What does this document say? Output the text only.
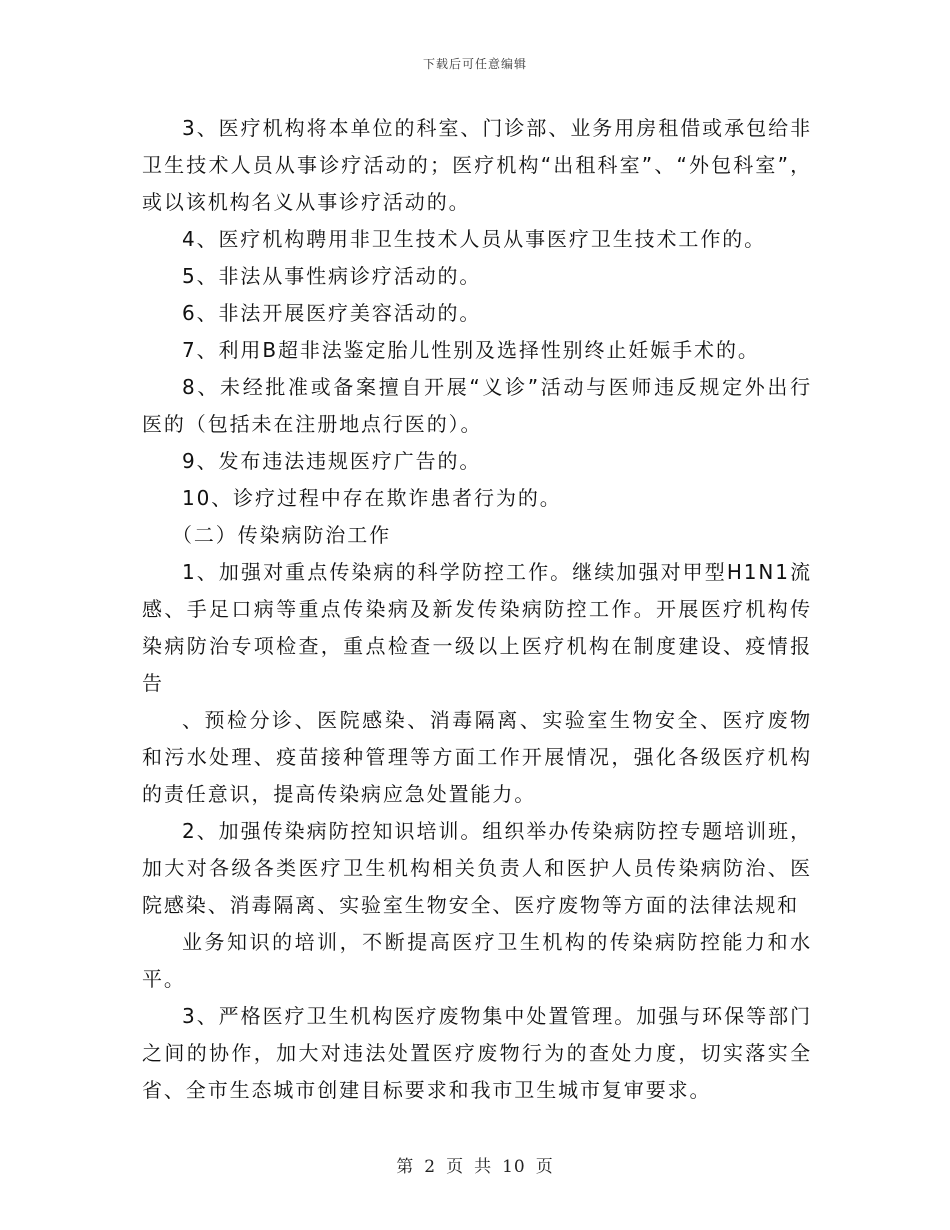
下载后可任意编辑

3、医疗机构将本单位的科室、门诊部、业务用房租借或承包给非卫生技术人员从事诊疗活动的；医疗机构“出租科室”、“外包科室”，或以该机构名义从事诊疗活动的。

4、医疗机构聘用非卫生技术人员从事医疗卫生技术工作的。

5、非法从事性病诊疗活动的。

6、非法开展医疗美容活动的。

7、利用B超非法鉴定胎儿性别及选择性别终止妊娠手术的。

8、未经批准或备案擅自开展“义诊”活动与医师违反规定外出行医的（包括未在注册地点行医的）。

9、发布违法违规医疗广告的。

10、诊疗过程中存在欺诈患者行为的。

（二）传染病防治工作

1、加强对重点传染病的科学防控工作。继续加强对甲型H1N1流感、手足口病等重点传染病及新发传染病防控工作。开展医疗机构传染病防治专项检查，重点检查一级以上医疗机构在制度建设、疫情报告

、预检分诊、医院感染、消毒隔离、实验室生物安全、医疗废物和污水处理、疫苗接种管理等方面工作开展情况，强化各级医疗机构的责任意识，提高传染病应急处置能力。

2、加强传染病防控知识培训。组织举办传染病防控专题培训班，加大对各级各类医疗卫生机构相关负责人和医护人员传染病防治、医院感染、消毒隔离、实验室生物安全、医疗废物等方面的法律法规和

业务知识的培训，不断提高医疗卫生机构的传染病防控能力和水平。

3、严格医疗卫生机构医疗废物集中处置管理。加强与环保等部门之间的协作，加大对违法处置医疗废物行为的查处力度，切实落实全省、全市生态城市创建目标要求和我市卫生城市复审要求。

第 2 页 共 10 页
